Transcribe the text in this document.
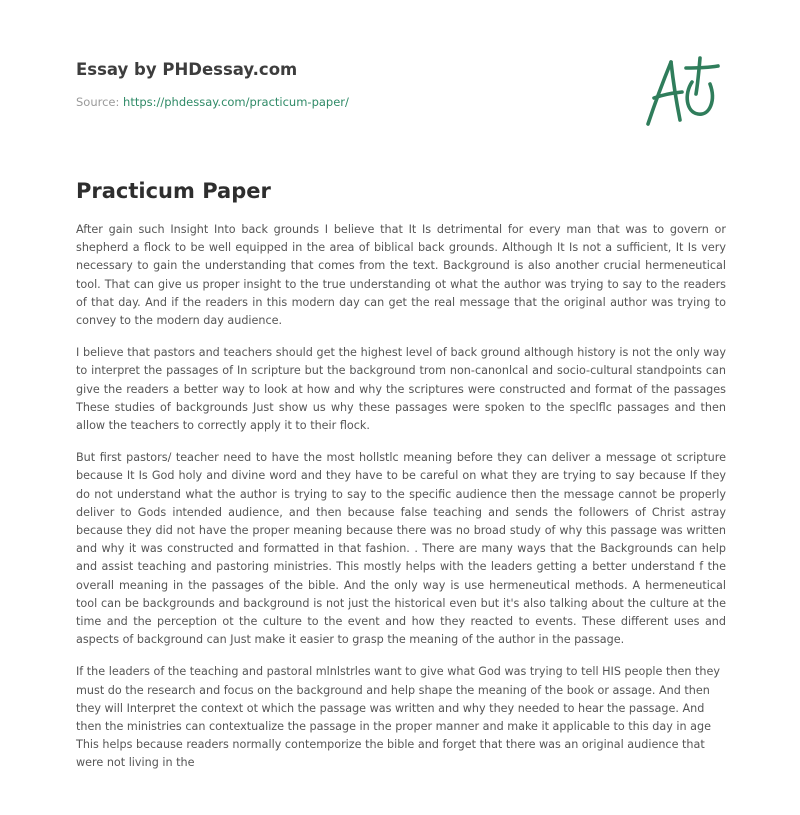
Essay by PHDessay.com
Source: https://phdessay.com/practicum-paper/
Practicum Paper

After gain such Insight Into back grounds I believe that It Is detrimental for every man that was to govern or shepherd a flock to be well equipped in the area of biblical back grounds. Although It Is not a sufficient, It Is very necessary to gain the understanding that comes from the text. Background is also another crucial hermeneutical tool. That can give us proper insight to the true understanding ot what the author was trying to say to the readers of that day. And if the readers in this modern day can get the real message that the original author was trying to convey to the modern day audience.

I believe that pastors and teachers should get the highest level of back ground although history is not the only way to interpret the passages of In scripture but the background trom non-canonlcal and socio-cultural standpoints can give the readers a better way to look at how and why the scriptures were constructed and format of the passages These studies of backgrounds Just show us why these passages were spoken to the speclflc passages and then allow the teachers to correctly apply it to their flock.

But first pastors/ teacher need to have the most hollstlc meaning before they can deliver a message ot scripture because It Is God holy and divine word and they have to be careful on what they are trying to say because If they do not understand what the author is trying to say to the specific audience then the message cannot be properly deliver to Gods intended audience, and then because false teaching and sends the followers of Christ astray because they did not have the proper meaning because there was no broad study of why this passage was written and why it was constructed and formatted in that fashion. . There are many ways that the Backgrounds can help and assist teaching and pastoring ministries. This mostly helps with the leaders getting a better understand f the overall meaning in the passages of the bible. And the only way is use hermeneutical methods. A hermeneutical tool can be backgrounds and background is not just the historical even but it's also talking about the culture at the time and the perception ot the culture to the event and how they reacted to events. These different uses and aspects of background can Just make it easier to grasp the meaning of the author in the passage.

If the leaders of the teaching and pastoral mlnlstrles want to give what God was trying to tell HIS people then they must do the research and focus on the background and help shape the meaning of the book or assage. And then they will Interpret the context ot which the passage was written and why they needed to hear the passage. And then the ministries can contextualize the passage in the proper manner and make it applicable to this day in age This helps because readers normally contemporize the bible and forget that there was an original audience that were not living in the
